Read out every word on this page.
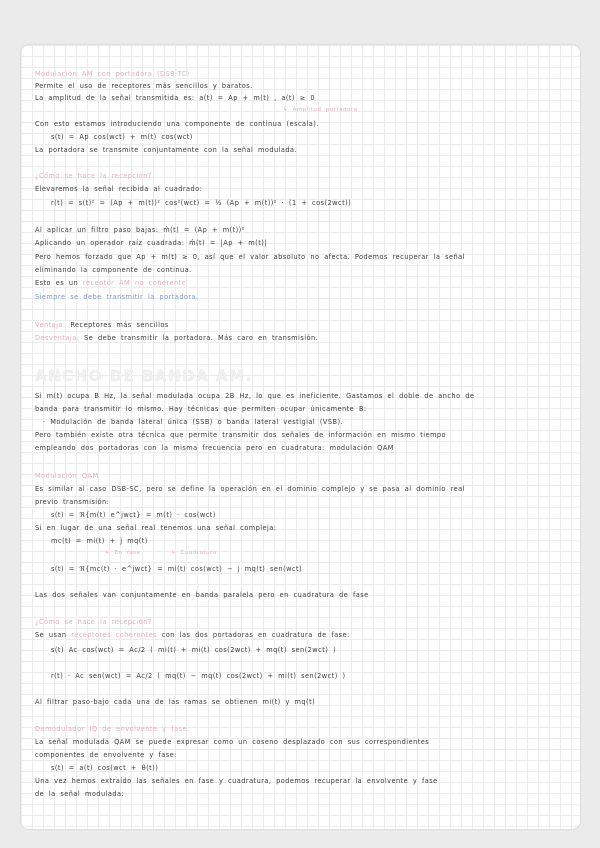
Modulación AM con portadora (DSB-TC)
Permite el uso de receptores más sencillos y baratos.
La amplitud de la señal transmitida es: a(t) = Ap + m(t) , a(t) ≥ 0
↳ Amplitud portadora
Con esto estamos introduciendo una componente de continua (escala).
s(t) = Ap cos(wct) + m(t) cos(wct)
La portadora se transmite conjuntamente con la señal modulada.
¿Cómo se hace la recepción?
Elevaremos la señal recibida al cuadrado:
r(t) = s(t)² = (Ap + m(t))² cos²(wct) = ½ (Ap + m(t))² · (1 + cos(2wct))
Al aplicar un filtro paso bajas: m̂(t) = (Ap + m(t))²
Aplicando un operador raíz cuadrada: m̂(t) = |Ap + m(t)|
Pero hemos forzado que Ap + m(t) ≥ 0, así que el valor absoluto no afecta. Podemos recuperar la señal
eliminando la componente de continua.
Esto es un receptor AM no coherente
Siempre se debe transmitir la portadora.
Ventaja: Receptores más sencillos
Desventaja: Se debe transmitir la portadora. Más caro en transmisión.
ANCHO DE BANDA AM.
Si m(t) ocupa B Hz, la señal modulada ocupa 2B Hz, lo que es ineficiente. Gastamos el doble de ancho de
banda para transmitir lo mismo. Hay técnicas que permiten ocupar únicamente B:
· Modulación de banda lateral única (SSB) o banda lateral vestigial (VSB).
Pero también existe otra técnica que permite transmitir dos señales de información en mismo tiempo
empleando dos portadoras con la misma frecuencia pero en cuadratura: modulación QAM
Modulación QAM
Es similar al caso DSB-SC, pero se define la operación en el dominio complejo y se pasa al dominio real
previo transmisión:
s(t) = ℜ{m(t) e^jwct} = m(t) · cos(wct)
Si en lugar de una señal real tenemos una señal compleja:
mc(t) = mi(t) + j mq(t)
↳ En fase	↳ Cuadratura
s(t) = ℜ{mc(t) · e^jwct} = mi(t) cos(wct) − j mq(t) sen(wct)
Las dos señales van conjuntamente en banda paralela pero en cuadratura de fase
¿Cómo se hace la recepción?
Se usan receptores coherentes con las dos portadoras en cuadratura de fase:
s(t) Ac cos(wct) = Ac/2 ( mi(t) + mi(t) cos(2wct) + mq(t) sen(2wct) )
r(t) · Ac sen(wct) = Ac/2 ( mq(t) − mq(t) cos(2wct) + mi(t) sen(2wct) )
Al filtrar paso-bajo cada una de las ramas se obtienen mi(t) y mq(t)
Demodulador IQ de envolvente y fase.
La señal modulada QAM se puede expresar como un coseno desplazado con sus correspondientes
componentes de envolvente y fase:
s(t) = a(t) cos(wct + θ(t))
Una vez hemos extraído las señales en fase y cuadratura, podemos recuperar la envolvente y fase
de la señal modulada:
